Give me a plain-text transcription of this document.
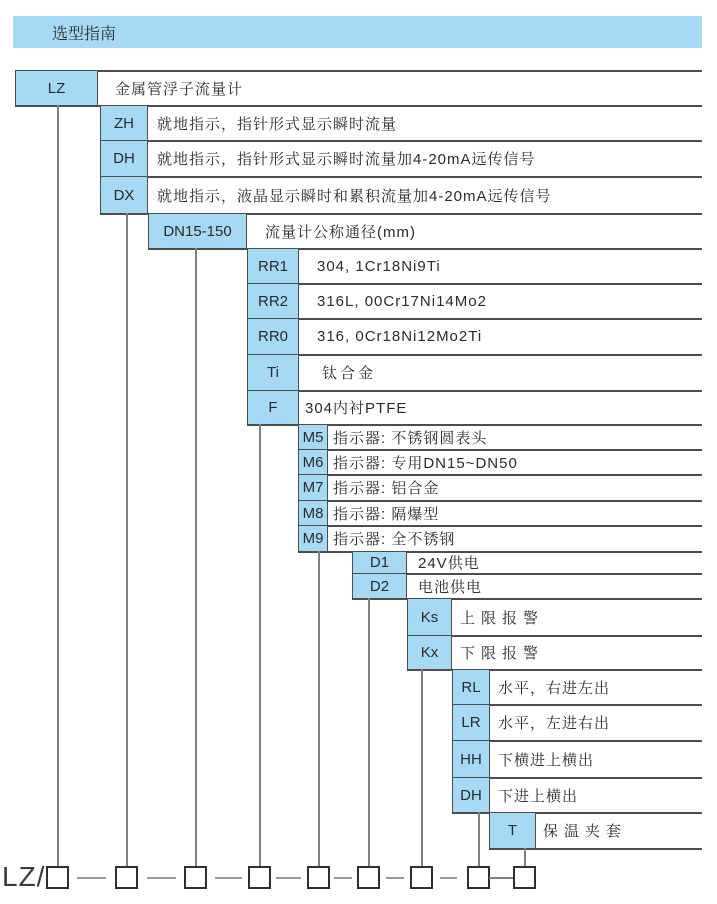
选型指南
LZ	金属管浮子流量计
ZH 就地指示，指针形式显示瞬时流量
DH 就地指示，指针形式显示瞬时流量加4-20mA远传信号
DX 就地指示，液晶显示瞬时和累积流量加4-20mA远传信号
DN15-150 流量计公称通径(mm)
RR1 304, 1Cr18Ni9Ti
RR2 316L, 00Cr17Ni14Mo2
RR0 316, 0Cr18Ni12Mo2Ti
Ti	钛合金
F 304内衬PTFE
M5 指示器: 不锈钢圆表头
M6 指示器: 专用DN15~DN50
M7 指示器: 铝合金
M8 指示器: 隔爆型
M9 指示器: 全不锈钢
D1 24V供电
D2 电池供电
Ks 上限报警
Kx 下限报警
RL 水平，右进左出
LR 水平，左进右出
HH 下横进上横出
DH 下进上横出
T 保温夹套
LZ/
